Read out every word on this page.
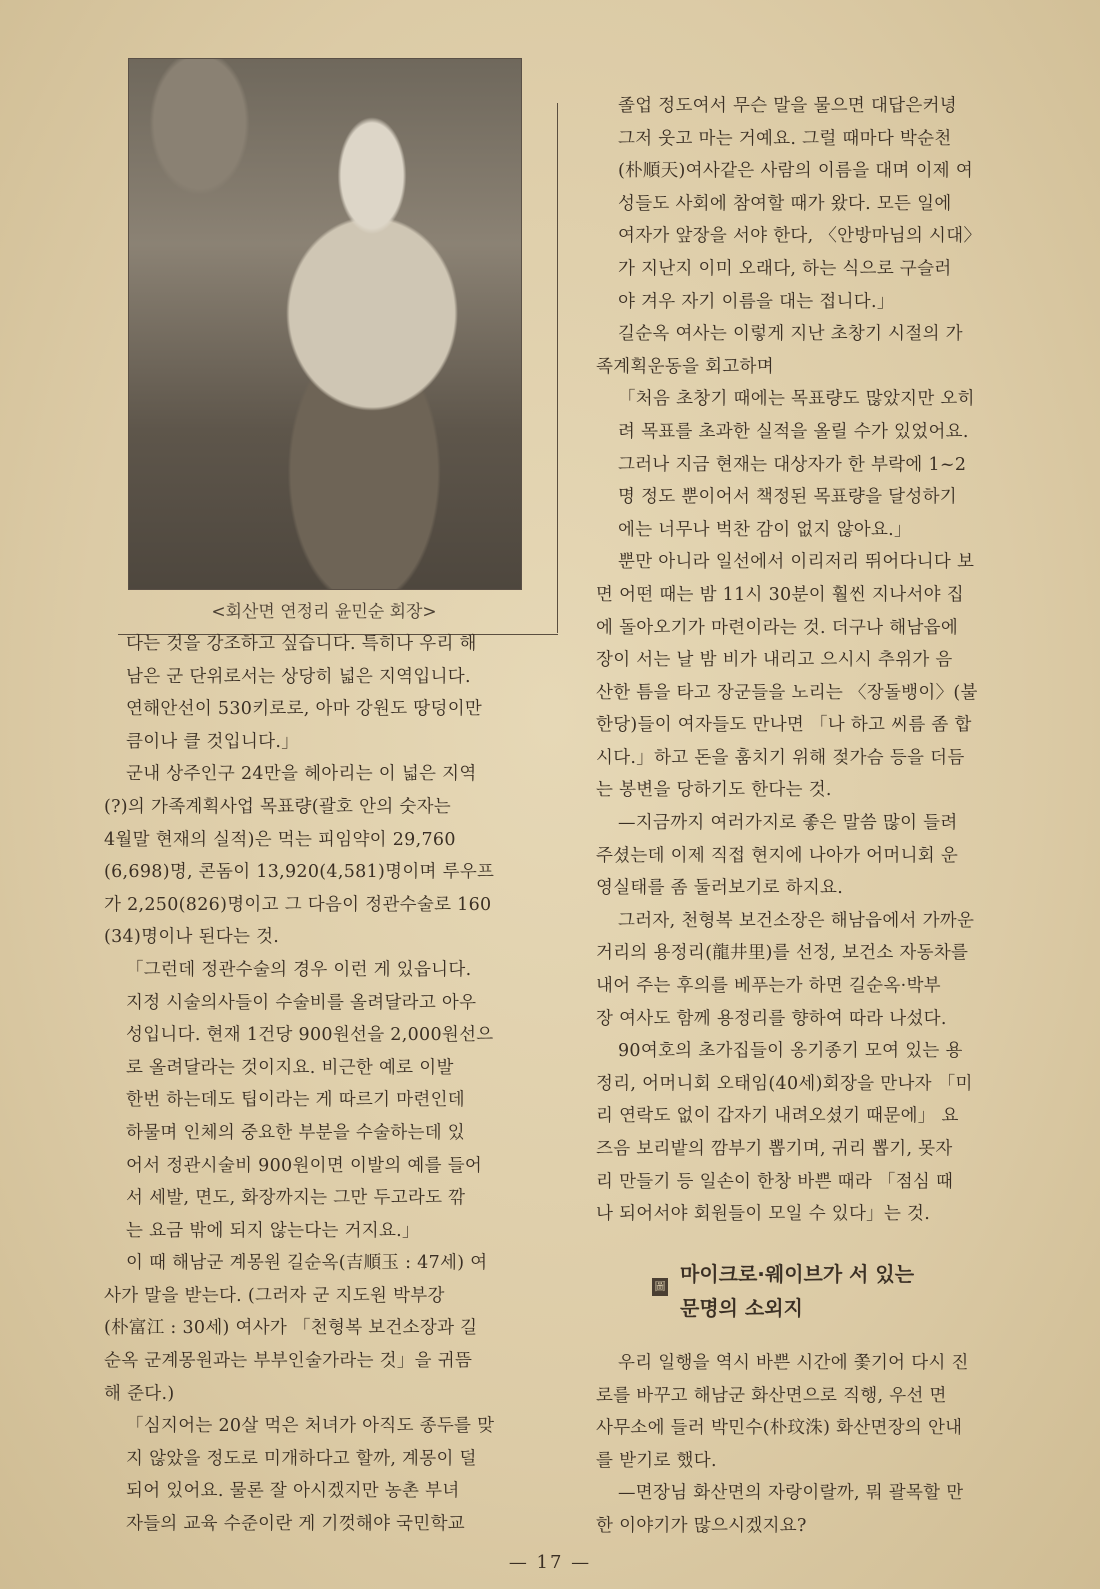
<회산면 연정리 윤민순 회장>

다는 것을 강조하고 싶습니다. 특히나 우리 해

남은 군 단위로서는 상당히 넓은 지역입니다.

연해안선이 530키로로, 아마 강원도 땅덩이만

큼이나 클 것입니다.」

군내 상주인구 24만을 헤아리는 이 넓은 지역

(?)의 가족계획사업 목표량(괄호 안의 숫자는

4월말 현재의 실적)은 먹는 피임약이 29,760

(6,698)명, 콘돔이 13,920(4,581)명이며 루우프

가 2,250(826)명이고 그 다음이 정관수술로 160

(34)명이나 된다는 것.

「그런데 정관수술의 경우 이런 게 있읍니다.

지정 시술의사들이 수술비를 올려달라고 아우

성입니다. 현재 1건당 900원선을 2,000원선으

로 올려달라는 것이지요. 비근한 예로 이발

한번 하는데도 팁이라는 게 따르기 마련인데

하물며 인체의 중요한 부분을 수술하는데 있

어서 정관시술비 900원이면 이발의 예를 들어

서 세발, 면도, 화장까지는 그만 두고라도 깎

는 요금 밖에 되지 않는다는 거지요.」

이 때 해남군 계몽원 길순옥(吉順玉 : 47세) 여

사가 말을 받는다. (그러자 군 지도원 박부강

(朴富江 : 30세) 여사가 「천형복 보건소장과 길

순옥 군계몽원과는 부부인술가라는 것」을 귀뜸

해 준다.)

「심지어는 20살 먹은 처녀가 아직도 종두를 맞

지 않았을 정도로 미개하다고 할까, 계몽이 덜

되어 있어요. 물론 잘 아시겠지만 농촌 부녀

자들의 교육 수준이란 게 기껏해야 국민학교

졸업 정도여서 무슨 말을 물으면 대답은커녕

그저 웃고 마는 거예요. 그럴 때마다 박순천

(朴順天)여사같은 사람의 이름을 대며 이제 여

성들도 사회에 참여할 때가 왔다. 모든 일에

여자가 앞장을 서야 한다, 〈안방마님의 시대〉

가 지난지 이미 오래다, 하는 식으로 구슬러

야 겨우 자기 이름을 대는 접니다.」

길순옥 여사는 이렇게 지난 초창기 시절의 가

족계획운동을 회고하며

「처음 초창기 때에는 목표량도 많았지만 오히

려 목표를 초과한 실적을 올릴 수가 있었어요.

그러나 지금 현재는 대상자가 한 부락에 1~2

명 정도 뿐이어서 책정된 목표량을 달성하기

에는 너무나 벅찬 감이 없지 않아요.」

뿐만 아니라 일선에서 이리저리 뛰어다니다 보

면 어떤 때는 밤 11시 30분이 훨씬 지나서야 집

에 돌아오기가 마련이라는 것. 더구나 해남읍에

장이 서는 날 밤 비가 내리고 으시시 추위가 음

산한 틈을 타고 장군들을 노리는 〈장돌뱅이〉(불

한당)들이 여자들도 만나면 「나 하고 씨름 좀 합

시다.」하고 돈을 훔치기 위해 젖가슴 등을 더듬

는 봉변을 당하기도 한다는 것.

—지금까지 여러가지로 좋은 말씀 많이 들려

주셨는데 이제 직접 현지에 나아가 어머니회 운

영실태를 좀 둘러보기로 하지요.

그러자, 천형복 보건소장은 해남읍에서 가까운

거리의 용정리(龍井里)를 선정, 보건소 자동차를

내어 주는 후의를 베푸는가 하면 길순옥·박부

장 여사도 함께 용정리를 향하여 따라 나섰다.

90여호의 초가집들이 옹기종기 모여 있는 용

정리, 어머니회 오태임(40세)회장을 만나자 「미

리 연락도 없이 갑자기 내려오셨기 때문에」 요

즈음 보리밭의 깜부기 뽑기며, 귀리 뽑기, 못자

리 만들기 등 일손이 한창 바쁜 때라 「점심 때

나 되어서야 회원들이 모일 수 있다」는 것.

圖
마이크로·웨이브가 서 있는
문명의 소외지

우리 일행을 역시 바쁜 시간에 쫓기어 다시 진

로를 바꾸고 해남군 화산면으로 직행, 우선 면

사무소에 들러 박민수(朴玟洙) 화산면장의 안내

를 받기로 했다.

—면장님 화산면의 자랑이랄까, 뭐 괄목할 만

한 이야기가 많으시겠지요?

— 17 —
